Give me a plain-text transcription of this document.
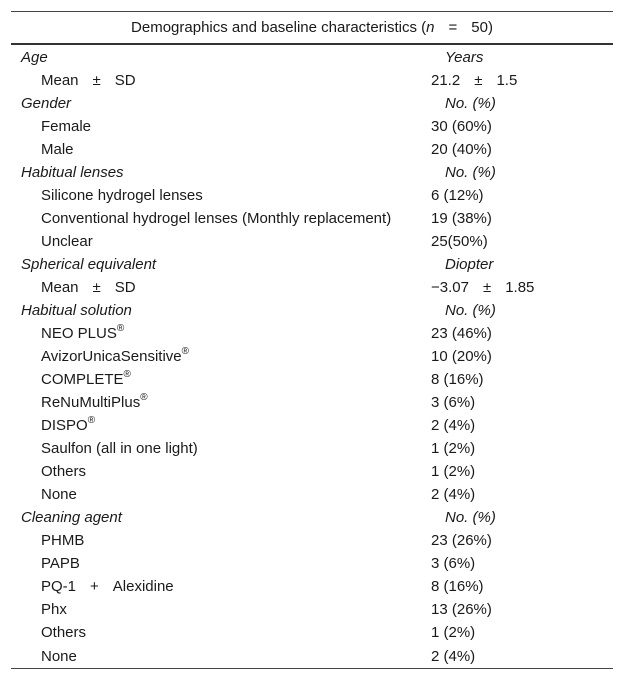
Demographics and baseline characteristics (n = 50)	
Age	Years
Mean ± SD	21.2 ± 1.5
Gender	No. (%)
Female	30 (60%)
Male	20 (40%)
Habitual lenses	No. (%)
Silicone hydrogel lenses	6 (12%)
Conventional hydrogel lenses (Monthly replacement)	19 (38%)
Unclear	25(50%)
Spherical equivalent	Diopter
Mean ± SD	−3.07 ± 1.85
Habitual solution	No. (%)
NEO PLUS®	23 (46%)
AvizorUnicaSensitive®	10 (20%)
COMPLETE®	8 (16%)
ReNuMultiPlus®	3 (6%)
DISPO®	2 (4%)
Saulfon (all in one light)	1 (2%)
Others	1 (2%)
None	2 (4%)
Cleaning agent	No. (%)
PHMB	23 (26%)
PAPB	3 (6%)
PQ-1 + Alexidine	8 (16%)
Phx	13 (26%)
Others	1 (2%)
None	2 (4%)
